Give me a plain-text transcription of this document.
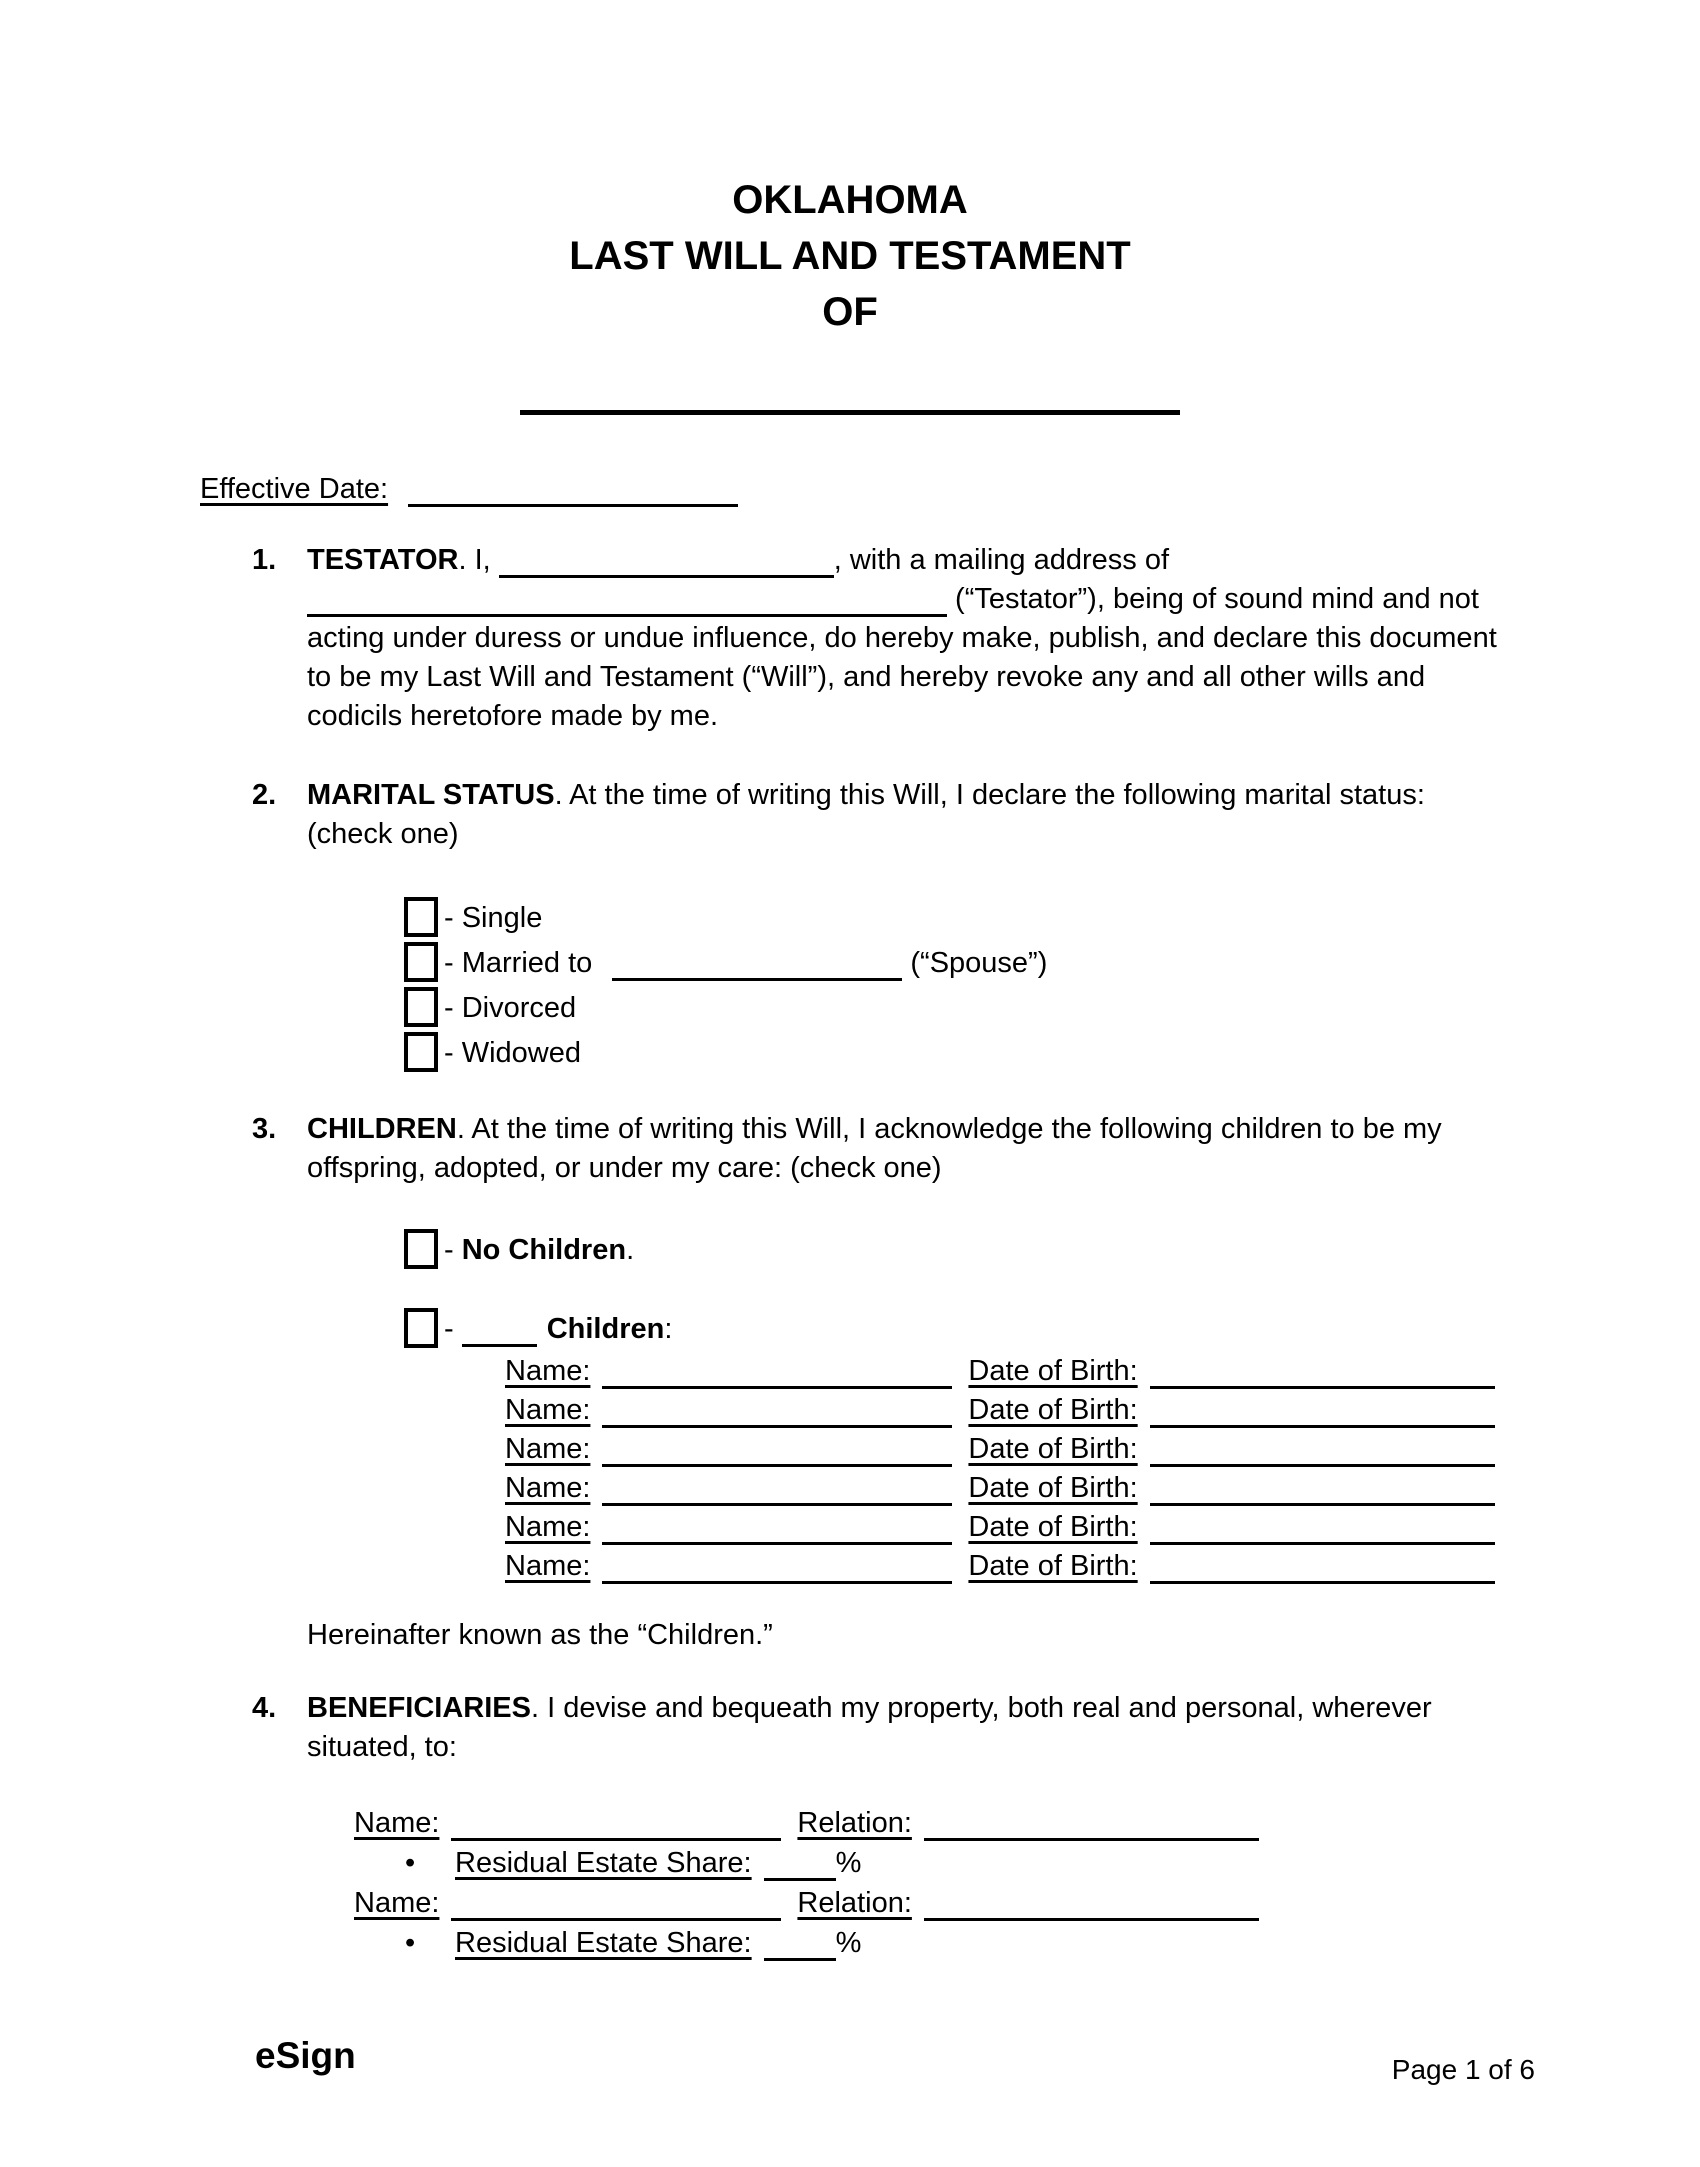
OKLAHOMA
LAST WILL AND TESTAMENT
OF
Effective Date:
1. TESTATOR. I,	, with a mailing address of  (“Testator”), being of sound mind and not acting under duress or undue influence, do hereby make, publish, and declare this document to be my Last Will and Testament (“Will”), and hereby revoke any and all other wills and codicils heretofore made by me.
2. MARITAL STATUS. At the time of writing this Will, I declare the following marital status: (check one)
- Single
- Married to	(“Spouse”)
- Divorced
- Widowed
3. CHILDREN. At the time of writing this Will, I acknowledge the following children to be my offspring, adopted, or under my care: (check one)
- No Children.
-	Children:
Name:	Date of Birth:
Name:	Date of Birth:
Name:	Date of Birth:
Name:	Date of Birth:
Name:	Date of Birth:
Name:	Date of Birth:
Hereinafter known as the “Children.”
4. BENEFICIARIES. I devise and bequeath my property, both real and personal, wherever situated, to:
Name:	Relation:
• Residual Estate Share:	%
Name:	Relation:
• Residual Estate Share:	%
eSign	Page 1 of 6
